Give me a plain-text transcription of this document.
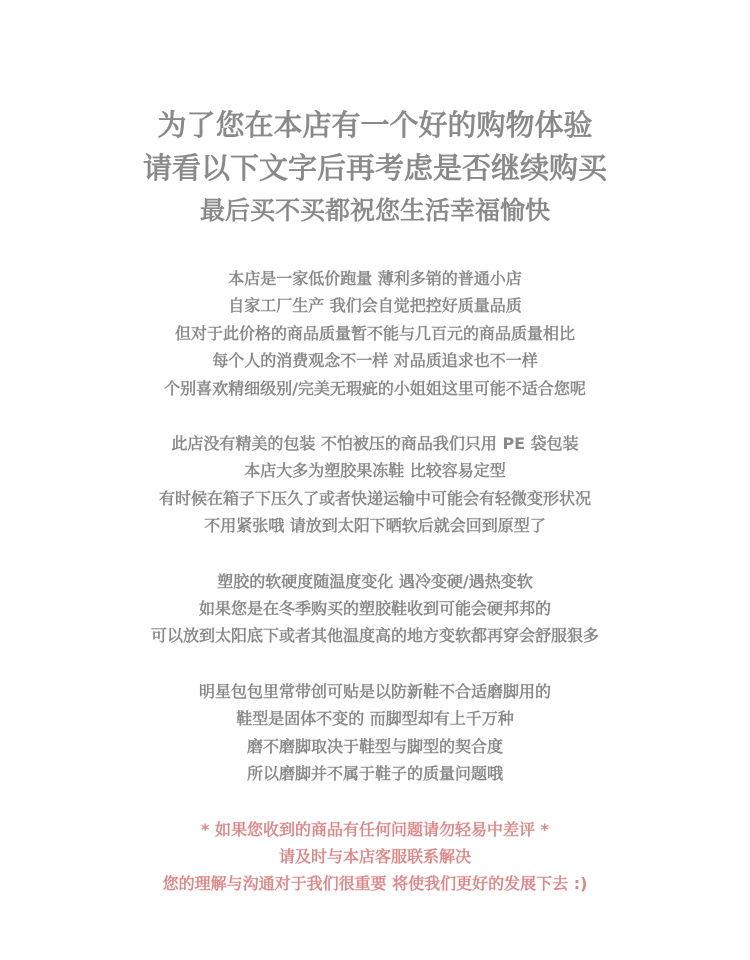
为了您在本店有一个好的购物体验
请看以下文字后再考虑是否继续购买
最后买不买都祝您生活幸福愉快
本店是一家低价跑量 薄利多销的普通小店
自家工厂生产 我们会自觉把控好质量品质
但对于此价格的商品质量暂不能与几百元的商品质量相比
每个人的消费观念不一样 对品质追求也不一样
个别喜欢精细级别/完美无瑕疵的小姐姐这里可能不适合您呢
此店没有精美的包装 不怕被压的商品我们只用 PE 袋包装
本店大多为塑胶果冻鞋 比较容易定型
有时候在箱子下压久了或者快递运输中可能会有轻微变形状况
不用紧张哦 请放到太阳下晒软后就会回到原型了
塑胶的软硬度随温度变化 遇冷变硬/遇热变软
如果您是在冬季购买的塑胶鞋收到可能会硬邦邦的
可以放到太阳底下或者其他温度高的地方变软都再穿会舒服狠多
明星包包里常带创可贴是以防新鞋不合适磨脚用的
鞋型是固体不变的 而脚型却有上千万种
磨不磨脚取决于鞋型与脚型的契合度
所以磨脚并不属于鞋子的质量问题哦
* 如果您收到的商品有任何问题请勿轻易中差评 *
请及时与本店客服联系解决
您的理解与沟通对于我们很重要 将使我们更好的发展下去 :)
